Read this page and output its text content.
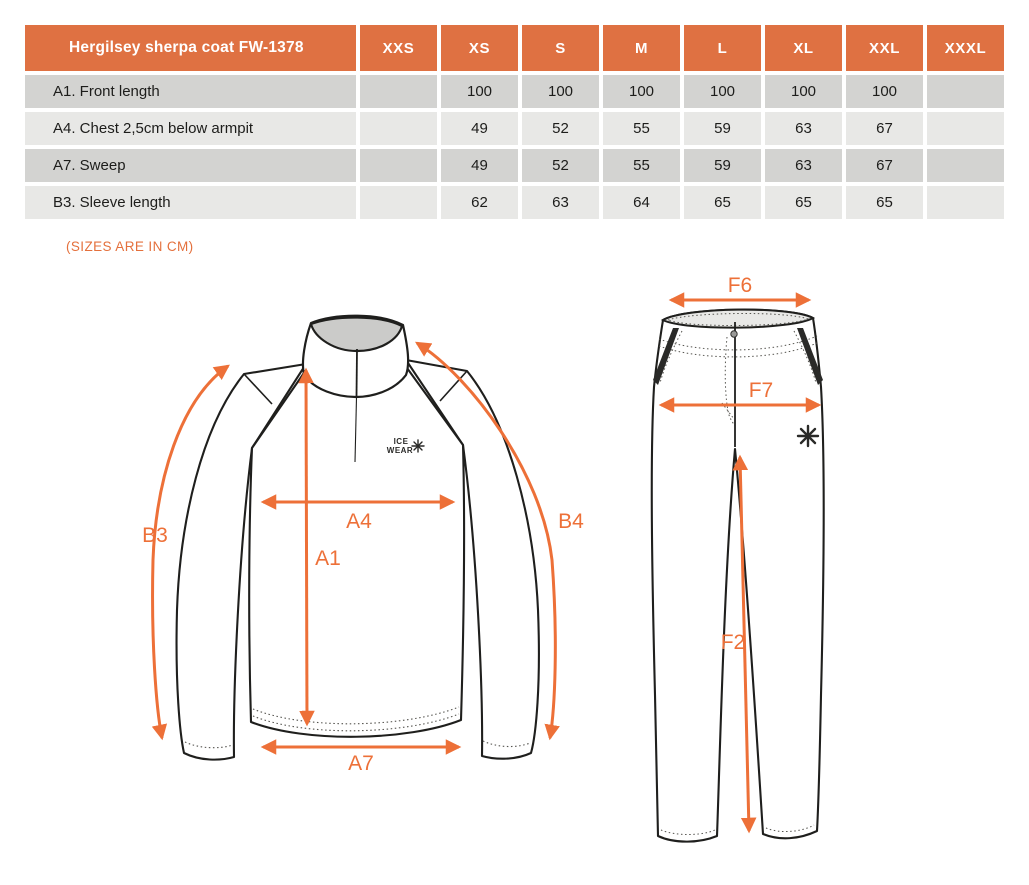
Hergilsey sherpa coat FW-1378	XXS	XS	S	M	L	XL	XXL	XXXL
A1. Front length		100	100	100	100	100	100	
A4. Chest 2,5cm below armpit		49	52	55	59	63	67	
A7. Sweep		49	52	55	59	63	67	
B3. Sleeve length		62	63	64	65	65	65	
(SIZES ARE IN CM)
ICE
WEAR
B3
A4
A1
B4
A7
F6
F7
F2
